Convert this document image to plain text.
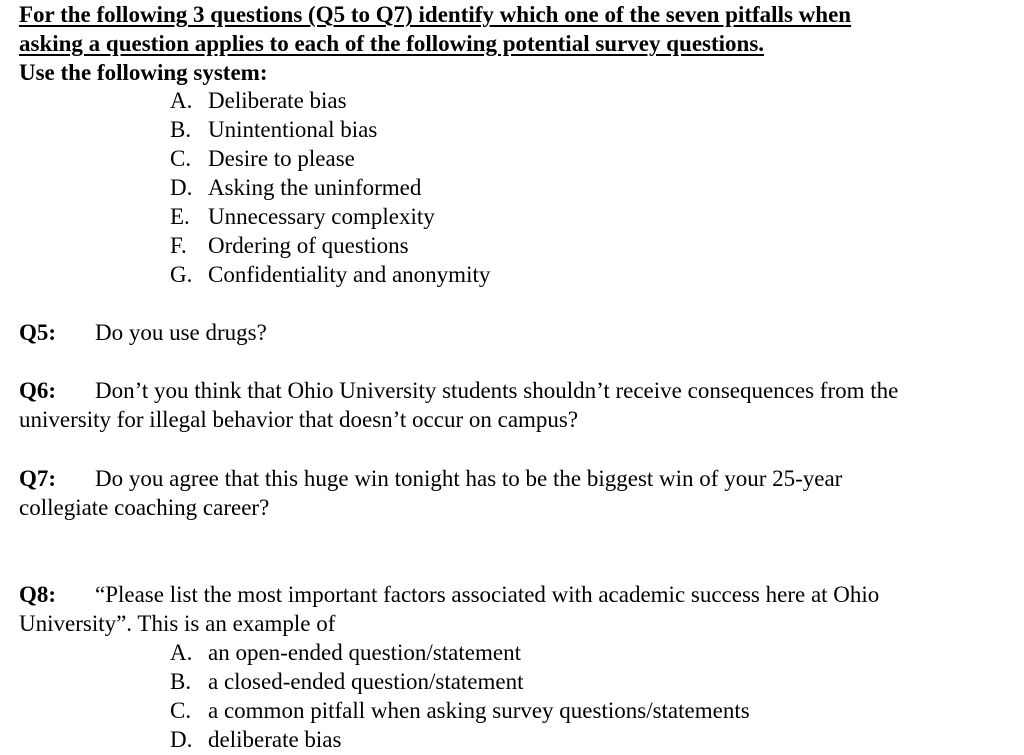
For the following 3 questions (Q5 to Q7) identify which one of the seven pitfalls when
asking a question applies to each of the following potential survey questions.
Use the following system:
A. Deliberate bias
B. Unintentional bias
C. Desire to please
D. Asking the uninformed
E. Unnecessary complexity
F. Ordering of questions
G. Confidentiality and anonymity
Q5: Do you use drugs?
Q6: Don’t you think that Ohio University students shouldn’t receive consequences from the
university for illegal behavior that doesn’t occur on campus?
Q7: Do you agree that this huge win tonight has to be the biggest win of your 25-year
collegiate coaching career?
Q8: “Please list the most important factors associated with academic success here at Ohio
University”. This is an example of
A. an open-ended question/statement
B. a closed-ended question/statement
C. a common pitfall when asking survey questions/statements
D. deliberate bias
